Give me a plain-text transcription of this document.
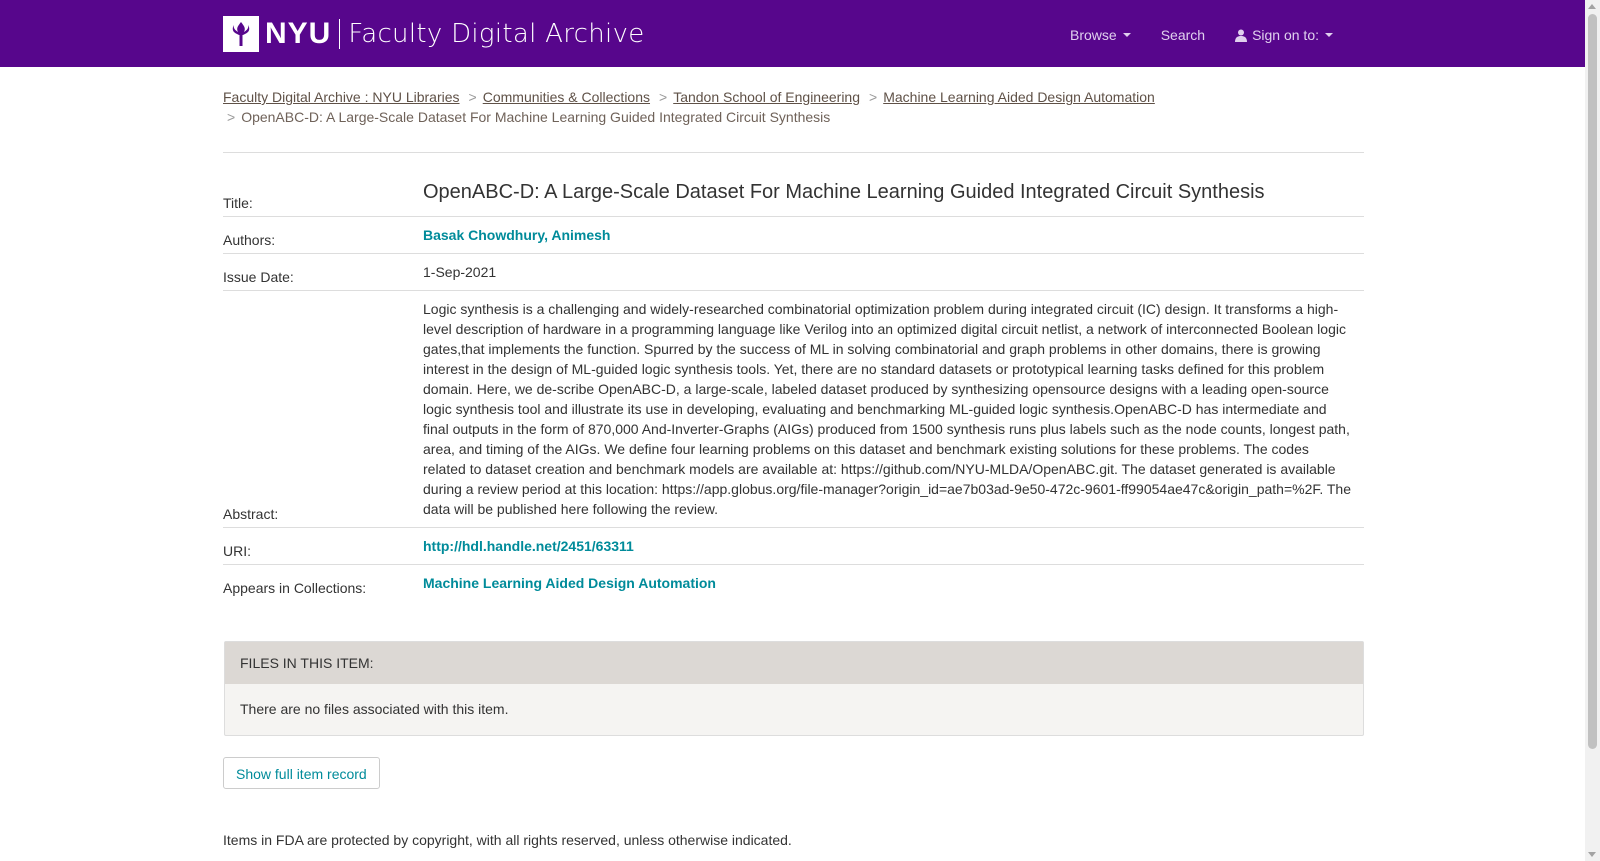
NYU Faculty Digital Archive	Browse	Search	Sign on to:
Faculty Digital Archive : NYU Libraries > Communities & Collections > Tandon School of Engineering > Machine Learning Aided Design Automation
> OpenABC-D: A Large-Scale Dataset For Machine Learning Guided Integrated Circuit Synthesis
Title:	OpenABC-D: A Large-Scale Dataset For Machine Learning Guided Integrated Circuit Synthesis
Authors:	Basak Chowdhury, Animesh
Issue Date:	1-Sep-2021
Abstract:
Logic synthesis is a challenging and widely-researched combinatorial optimization problem during integrated circuit (IC) design. It transforms a high-level description of hardware in a programming language like Verilog into an optimized digital circuit netlist, a network of interconnected Boolean logic gates,that implements the function. Spurred by the success of ML in solving combinatorial and graph problems in other domains, there is growing interest in the design of ML-guided logic synthesis tools. Yet, there are no standard datasets or prototypical learning tasks defined for this problem domain. Here, we de-scribe OpenABC-D, a large-scale, labeled dataset produced by synthesizing opensource designs with a leading open-source logic synthesis tool and illustrate its use in developing, evaluating and benchmarking ML-guided logic synthesis.OpenABC-D has intermediate and final outputs in the form of 870,000 And-Inverter-Graphs (AIGs) produced from 1500 synthesis runs plus labels such as the node counts, longest path, area, and timing of the AIGs. We define four learning problems on this dataset and benchmark existing solutions for these problems. The codes related to dataset creation and benchmark models are available at: https://github.com/NYU-MLDA/OpenABC.git. The dataset generated is available during a review period at this location: https://app.globus.org/file-manager?origin_id=ae7b03ad-9e50-472c-9601-ff99054ae47c&origin_path=%2F. The data will be published here following the review.
URI:	http://hdl.handle.net/2451/63311
Appears in Collections:	Machine Learning Aided Design Automation
FILES IN THIS ITEM:
There are no files associated with this item.
Show full item record
Items in FDA are protected by copyright, with all rights reserved, unless otherwise indicated.
